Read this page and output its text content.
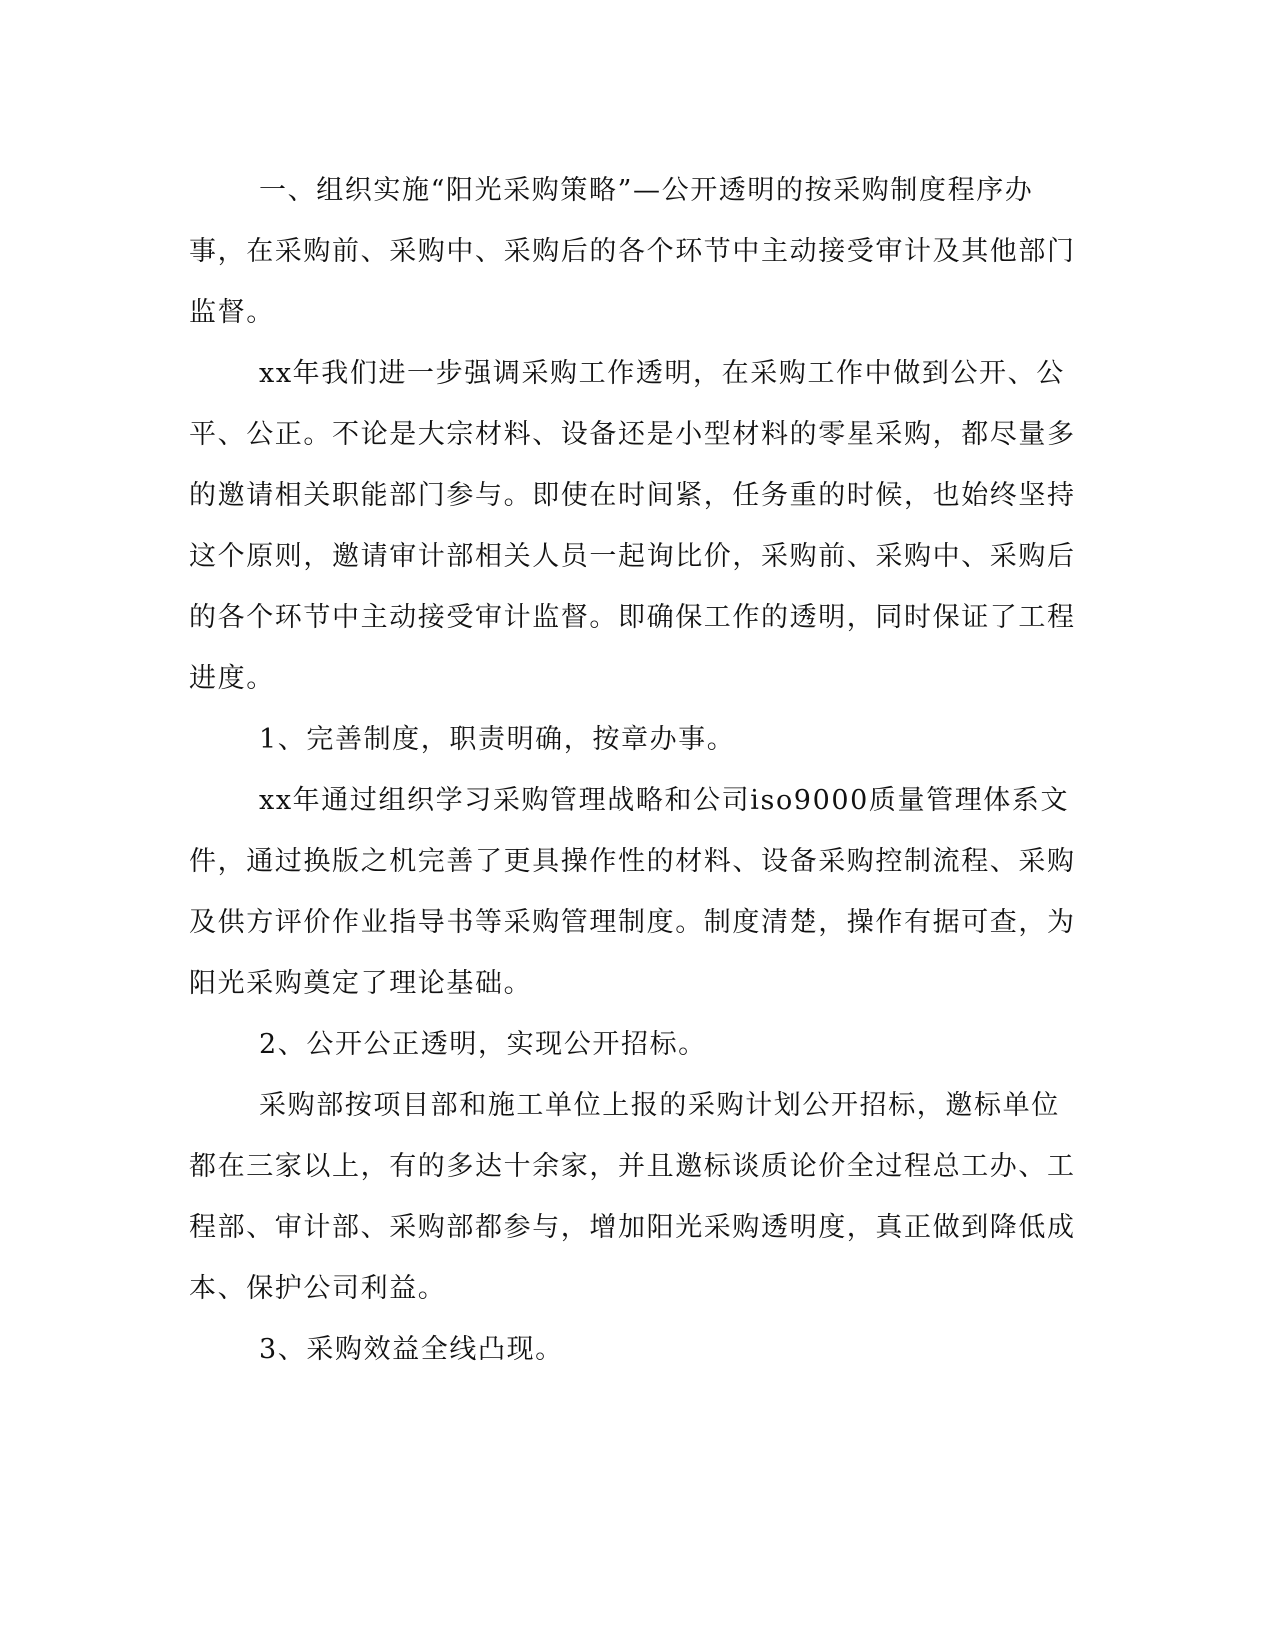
一、组织实施“阳光采购策略”—公开透明的按采购制度程序办事，在采购前、采购中、采购后的各个环节中主动接受审计及其他部门监督。

xx年我们进一步强调采购工作透明，在采购工作中做到公开、公平、公正。不论是大宗材料、设备还是小型材料的零星采购，都尽量多的邀请相关职能部门参与。即使在时间紧，任务重的时候，也始终坚持这个原则，邀请审计部相关人员一起询比价，采购前、采购中、采购后的各个环节中主动接受审计监督。即确保工作的透明，同时保证了工程进度。

1、完善制度，职责明确，按章办事。

xx年通过组织学习采购管理战略和公司iso9000质量管理体系文件，通过换版之机完善了更具操作性的材料、设备采购控制流程、采购及供方评价作业指导书等采购管理制度。制度清楚，操作有据可查，为阳光采购奠定了理论基础。

2、公开公正透明，实现公开招标。

采购部按项目部和施工单位上报的采购计划公开招标，邀标单位都在三家以上，有的多达十余家，并且邀标谈质论价全过程总工办、工程部、审计部、采购部都参与，增加阳光采购透明度，真正做到降低成本、保护公司利益。

3、采购效益全线凸现。
